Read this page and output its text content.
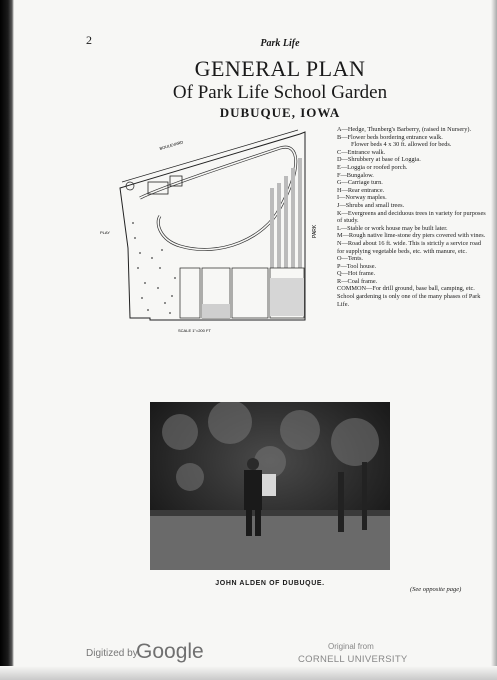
2	Park Life
GENERAL PLAN
Of Park Life School Garden
DUBUQUE, IOWA
BOULEVARD
PARK
PLAY
SCALE 1"=200 FT
A—Hedge, Thunberg's Barberry, (raised in Nursery).
B—Flower beds bordering entrance walk.
Flower beds 4 x 30 ft. allowed for beds.
C—Entrance walk.
D—Shrubbery at base of Loggia.
E—Loggia or roofed porch.
F—Bungalow.
G—Carriage turn.
H—Rear entrance.
I—Norway maples.
J—Shrubs and small trees.
K—Evergreens and deciduous trees in variety for purposes of study.
L—Stable or work house may be built later.
M—Rough native lime-stone dry piers covered with vines.
N—Road about 16 ft. wide. This is strictly a service road for supplying vegetable beds, etc. with manure, etc.
O—Tents.
P—Tool house.
Q—Hot frame.
R—Coal frame.
COMMON—For drill ground, base ball, camping, etc.
School gardening is only one of the many phases of Park Life.
JOHN ALDEN OF DUBUQUE.
(See opposite page)
Digitized by
Google	Original from
CORNELL UNIVERSITY
